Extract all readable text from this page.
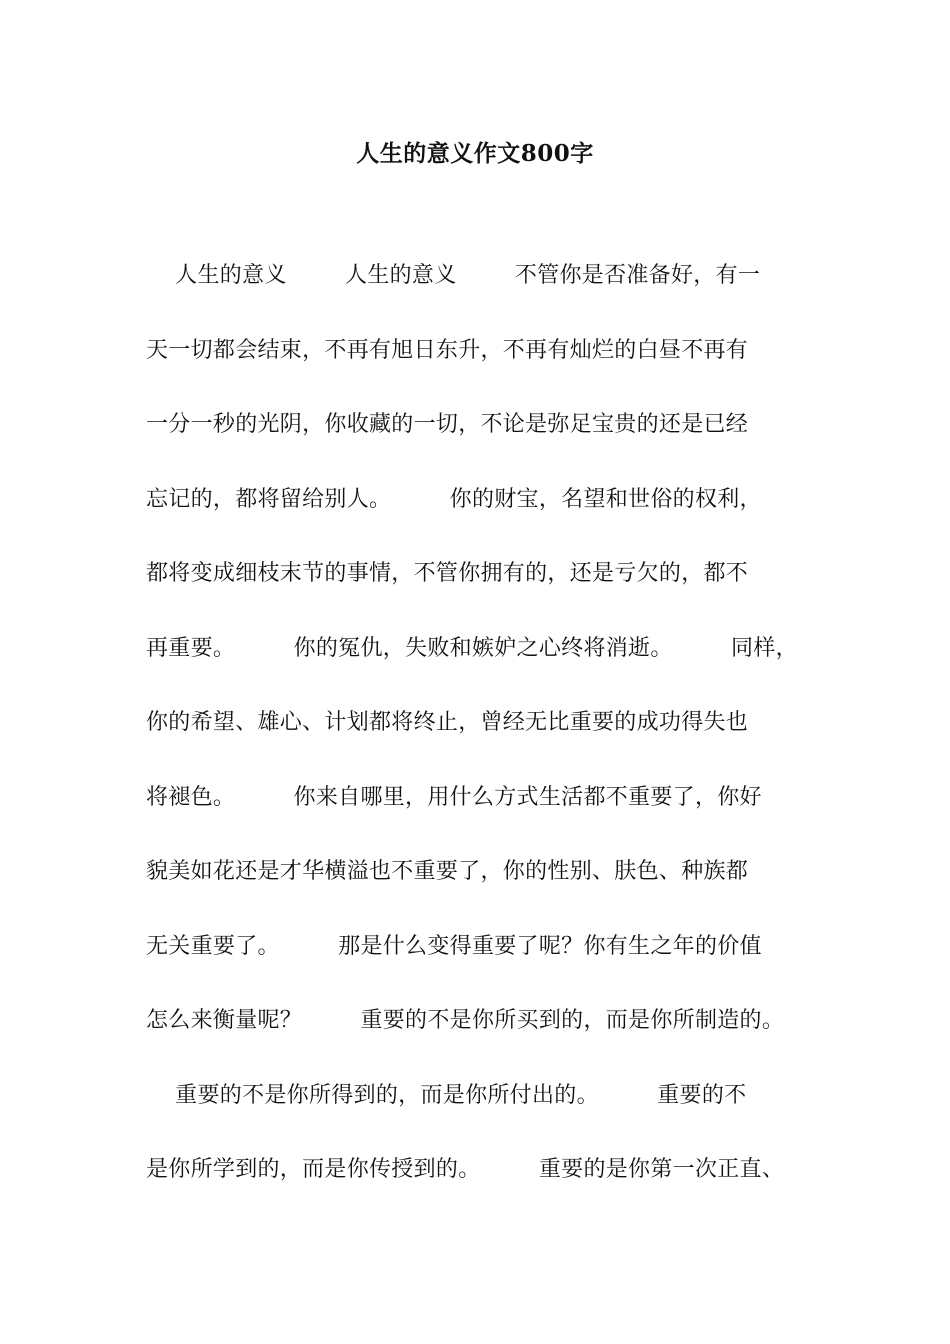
人生的意义作文800字
人生的意义        人生的意义        不管你是否准备好，有一
天一切都会结束，不再有旭日东升，不再有灿烂的白昼不再有
一分一秒的光阴，你收藏的一切，不论是弥足宝贵的还是已经
忘记的，都将留给别人。        你的财宝，名望和世俗的权利，
都将变成细枝末节的事情，不管你拥有的，还是亏欠的，都不
再重要。        你的冤仇，失败和嫉妒之心终将消逝。        同样，
你的希望、雄心、计划都将终止，曾经无比重要的成功得失也
将褪色。        你来自哪里，用什么方式生活都不重要了，你好
貌美如花还是才华横溢也不重要了，你的性别、肤色、种族都
无关重要了。        那是什么变得重要了呢？你有生之年的价值
怎么来衡量呢？        重要的不是你所买到的，而是你所制造的。
重要的不是你所得到的，而是你所付出的。        重要的不
是你所学到的，而是你传授到的。        重要的是你第一次正直、
